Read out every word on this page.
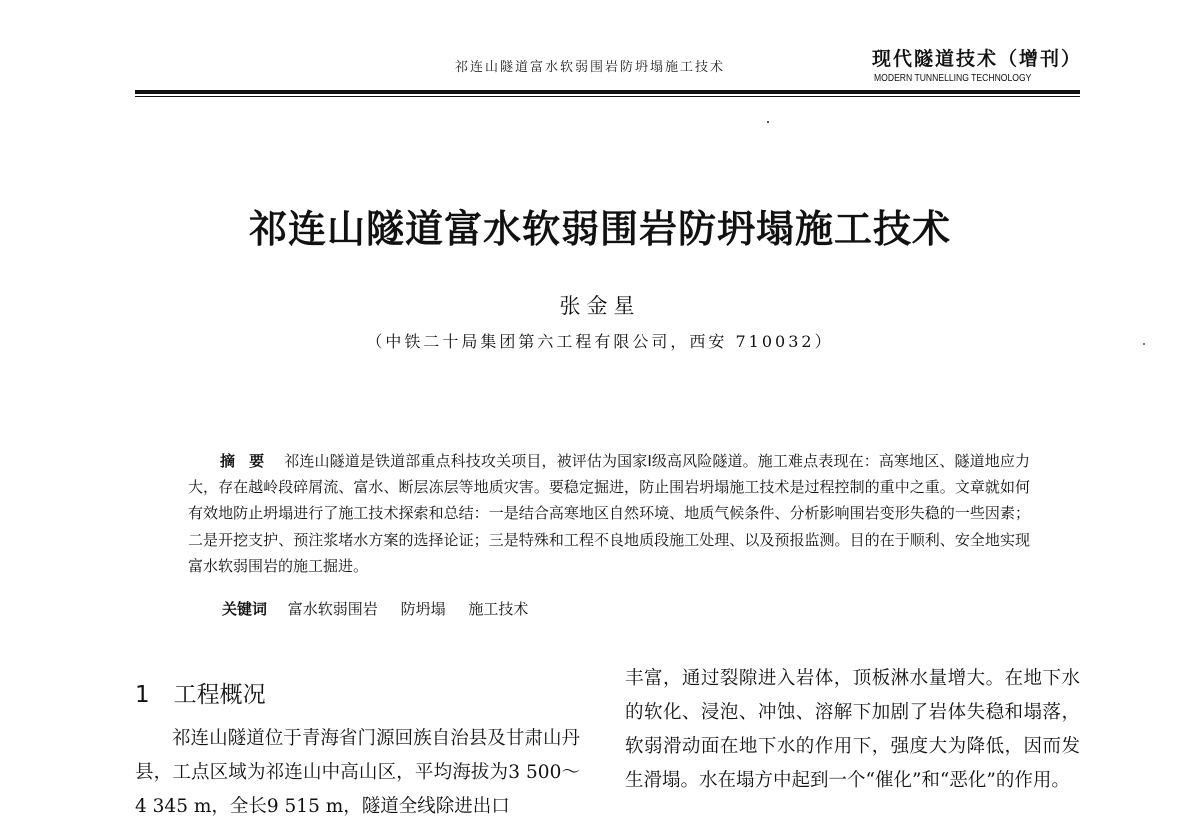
祁连山隧道富水软弱围岩防坍塌施工技术	现代隧道技术（增刊）
MODERN TUNNELLING TECHNOLOGY
祁连山隧道富水软弱围岩防坍塌施工技术
张金星
（中铁二十局集团第六工程有限公司，西安 710032）
摘要 祁连山隧道是铁道部重点科技攻关项目，被评估为国家Ⅰ级高风险隧道。施工难点表现在：高寒地区、隧道地应力大，存在越岭段碎屑流、富水、断层冻层等地质灾害。要稳定掘进，防止围岩坍塌施工技术是过程控制的重中之重。文章就如何有效地防止坍塌进行了施工技术探索和总结：一是结合高寒地区自然环境、地质气候条件、分析影响围岩变形失稳的一些因素；二是开挖支护、预注浆堵水方案的选择论证；三是特殊和工程不良地质段施工处理、以及预报监测。目的在于顺利、安全地实现富水软弱围岩的施工掘进。
关键词 富水软弱围岩 防坍塌 施工技术
1 工程概况
祁连山隧道位于青海省门源回族自治县及甘肃山丹县，工点区域为祁连山中高山区，平均海拔为3 500～4 345 m，全长9 515 m，隧道全线除进出口
丰富，通过裂隙进入岩体，顶板淋水量增大。在地下水的软化、浸泡、冲蚀、溶解下加剧了岩体失稳和塌落，软弱滑动面在地下水的作用下，强度大为降低，因而发生滑塌。水在塌方中起到一个“催化”和“恶化”的作用。
